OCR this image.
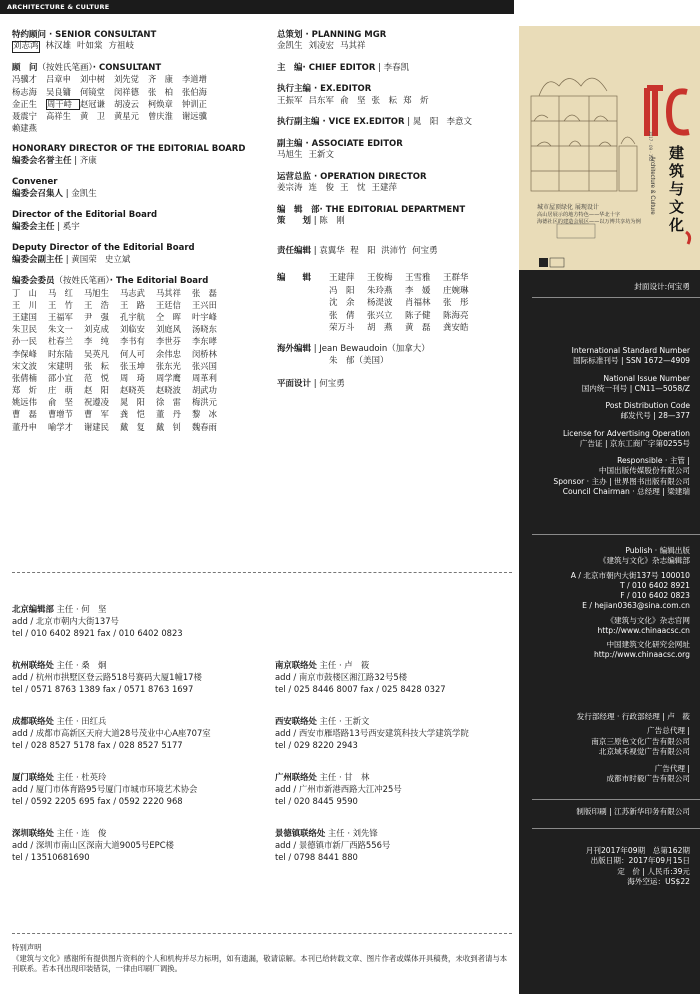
ARCHITECTURE & CULTURE
特约顾问 · SENIOR CONSULTANT
刘志鸿 林汉雄 叶如棠 方祖岐
顾　问（按姓氏笔画）· CONSULTANT
冯骥才	吕章申	刘中树	刘先觉	齐　康	李道增
杨志海	吴良镛	何镜堂	闵祥德	张　柏	张伯海
金正生	周干峙 赵冠谦	胡凌云	柯焕章	钟训正
聂震宁	高祥生	黄　卫	黄星元	曾庆淮	谢远骥
赖建燕
HONORARY DIRECTOR OF THE EDITORIAL BOARD
编委会名誉主任 | 齐康
Convener
编委会召集人 | 金凯生
Director of the Editorial Board
编委会主任 | 奚宇
Deputy Director of the Editorial Board
编委会副主任 | 黄国荣 史立斌
编委会委员（按姓氏笔画）· The Editorial Board
丁　山	马　红	马旭生	马志武	马其祥	张　磊
王　川	王　竹	王　浩	王　路	王廷信	王兴田
王建国	王福军	尹　强	孔宇航	仝　晖	叶宇峰
朱卫民	朱文一	刘克成	刘临安	刘庭风	汤晓东
孙一民	杜春兰	李　纯	李书有	李世芬	李东哮
李保峰	时东陆	吴英凡	何人可	余伟忠	闵桥林
宋文波	宋建明	张　耘	张玉坤	张东光	张兴国
张倩楠	邵小宜	范　悦	周　琦	周学鹰	周革利
郑　炘	庄　萌	赵　阳	赵晓英	赵晓波	胡武功
姚远伟	俞　坚	祝遵凌	晁　阳	徐　雷	梅洪元
曹　磊	曹增节	曹　军	龚　恺	董　丹	黎　冰
董丹申	喻学才	谢建民	戴　复	戴　钊	魏春雨
总策划 · PLANNING MGR
金凯生 刘凌宏 马其祥
主　编· CHIEF EDITOR | 李春凯
执行主编 · EX.EDITOR
王振军 吕东军 俞　坚 张　耘 郑　炘
执行副主编 · VICE EX.EDITOR | 晁　阳 李意文
副主编 · ASSOCIATE EDITOR
马旭生 王新文
运营总监 · OPERATION DIRECTOR
姜宗涛 连　俊 王　忱 王建萍
编　辑　部· THE EDITORIAL DEPARTMENT
策　　划 | 陈　刚
责任编辑 | 袁翼华 程　阳 洪沛竹 何宝勇
编　　辑 王建萍	王俊梅	王雪雅	王群华
冯　阳	朱玲燕	李　媛	庄婉琳
沈　余	杨湜波	肖福林	张　彤
张　倩	张兴立	陈子健	陈海亮
荣万斗	胡　燕	黄　磊	龚安皓
海外编辑 | Jean Bewaudoin（加拿大）
朱　郁（美国）
平面设计 | 何宝勇
Architecture & Culture
建
筑
与
文
化
2017 · 09 · 162
城市屋顶绿化 展现设计
高山居展示的地方特色——华北十字
海德社区的建造会展区——以万博共享坊为例
封面设计:何宝勇
International Standard Number
国际标准刊号 | SSN 1672—4909
National Issue Number
国内统一刊号 | CN11—5058/Z
Post Distribution Code
邮发代号 | 28—377
License for Advertising Operation
广告证 | 京东工商广字第0255号
Responsible · 主管 |
中国出版传媒股份有限公司
Sponsor · 主办 | 世界图书出版有限公司
Council Chairman · 总经理 | 梁建瑞
Publish · 编辑出版
《建筑与文化》杂志编辑部
A / 北京市朝内大街137号 100010
T / 010 6402 8921
F / 010 6402 0823
E / hejian0363@sina.com.cn
《建筑与文化》杂志官网
http://www.chinaacsc.cn
中国建筑文化研究会网址
http://www.chinaacsc.org
发行部经理 · 行政部经理 | 卢　筱
广告总代理 |
南京三原色文化广告有限公司
北京域禾视觉广告有限公司
广告代理 |
成都市时毅广告有限公司
制版印刷 | 江苏新华印务有限公司
月刊2017年09期　总第162期
出版日期：2017年09月15日
定　价 | 人民币:39元
海外空运：US$22
北京编辑部 主任 · 何　坚
add / 北京市朝内大街137号
tel / 010 6402 8921 fax / 010 6402 0823
杭州联络处 主任 · 桑　炯
add / 杭州市拱墅区登云路518号赛码大厦1幢17楼
tel / 0571 8763 1389 fax / 0571 8763 1697
南京联络处 主任 · 卢　筱
add / 南京市鼓楼区湘江路32号5楼
tel / 025 8446 8007 fax / 025 8428 0327
成都联络处 主任 · 田红兵
add / 成都市高新区天府大道28号茂业中心A座707室
tel / 028 8527 5178 fax / 028 8527 5177
西安联络处 主任 · 王新文
add / 西安市雁塔路13号西安建筑科技大学建筑学院
tel / 029 8220 2943
厦门联络处 主任 · 杜英玲
add / 厦门市体育路95号厦门市城市环境艺术协会
tel / 0592 2205 695 fax / 0592 2220 968
广州联络处 主任 · 甘　林
add / 广州市新港西路大江冲25号
tel / 020 8445 9590
深圳联络处 主任 · 连　俊
add / 深圳市南山区深南大道9005号EPC楼
tel / 13510681690
景德镇联络处 主任 · 刘先锋
add / 景德镇市新厂西路556号
tel / 0798 8441 880
特别声明
《建筑与文化》感谢所有提供图片资料的个人和机构并尽力标明，如有遗漏，敬请谅解。本刊已给转载文章、图片作者或媒体开具稿费，未收到者请与本刊联系。若本刊出现印装错误，一律由印刷厂调换。
